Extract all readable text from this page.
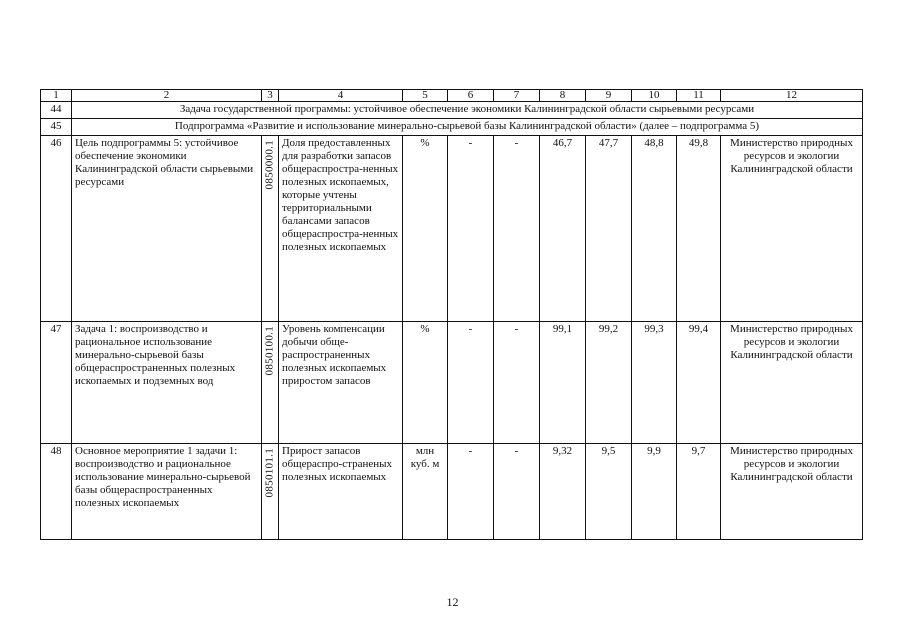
1	2	3	4	5	6	7	8	9	10	11	12
44	Задача государственной программы: устойчивое обеспечение экономики Калининградской области сырьевыми ресурсами										
45	Подпрограмма «Развитие и использование минерально-сырьевой базы Калининградской области» (далее – подпрограмма 5)										
46	Цель подпрограммы 5: устойчивое обеспечение экономики Калининградской области сырьевыми ресурсами	0850000.1	Доля предоставленных для разработки запасов общераспростра-ненных полезных ископаемых, которые учтены территориальными балансами запасов общераспростра-ненных полезных ископаемых	%	-	-	46,7	47,7	48,8	49,8	Министерство природных ресурсов и экологии Калининградской области
47	Задача 1: воспроизводство и рациональное использование минерально-сырьевой базы общераспространенных полезных ископаемых и подземных вод	0850100.1	Уровень компенсации добычи обще-распространенных полезных ископаемых приростом запасов	%	-	-	99,1	99,2	99,3	99,4	Министерство природных ресурсов и экологии Калининградской области
48	Основное мероприятие 1 задачи 1: воспроизводство и рациональное использование минерально-сырьевой базы общераспространенных полезных ископаемых	0850101.1	Прирост запасов общераспро-страненых полезных ископаемых	млн куб. м	-	-	9,32	9,5	9,9	9,7	Министерство природных ресурсов и экологии Калининградской области
12
